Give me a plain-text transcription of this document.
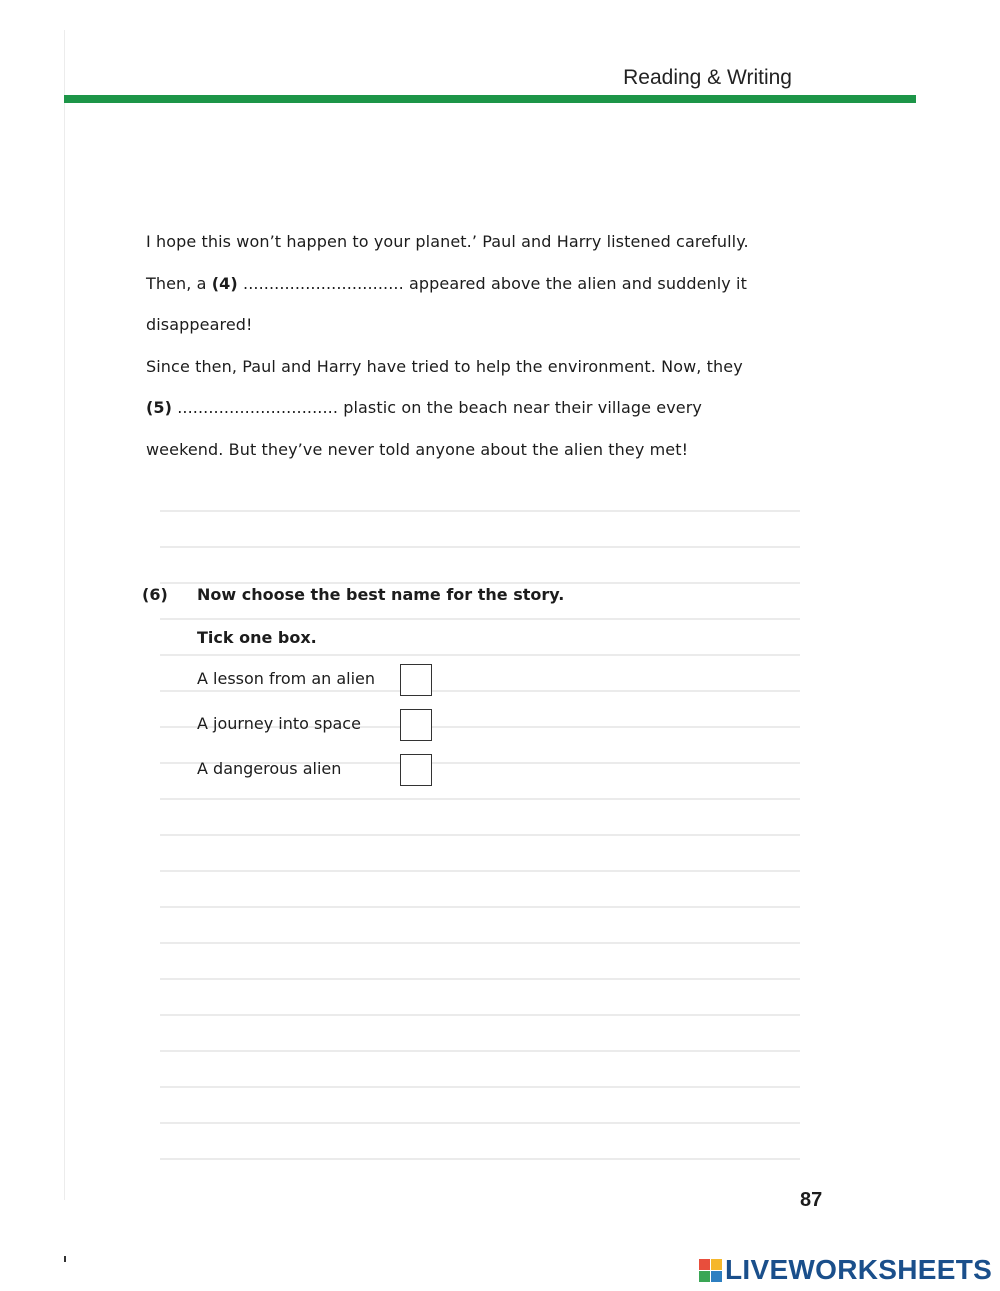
Reading & Writing
I hope this won’t happen to your planet.’ Paul and Harry listened carefully.
Then, a (4) ............................... appeared above the alien and suddenly it
disappeared!
Since then, Paul and Harry have tried to help the environment. Now, they
(5) ............................... plastic on the beach near their village every
weekend. But they’ve never told anyone about the alien they met!
(6) Now choose the best name for the story.
Tick one box.
A lesson from an alien
A journey into space
A dangerous alien
87
LIVEWORKSHEETS
